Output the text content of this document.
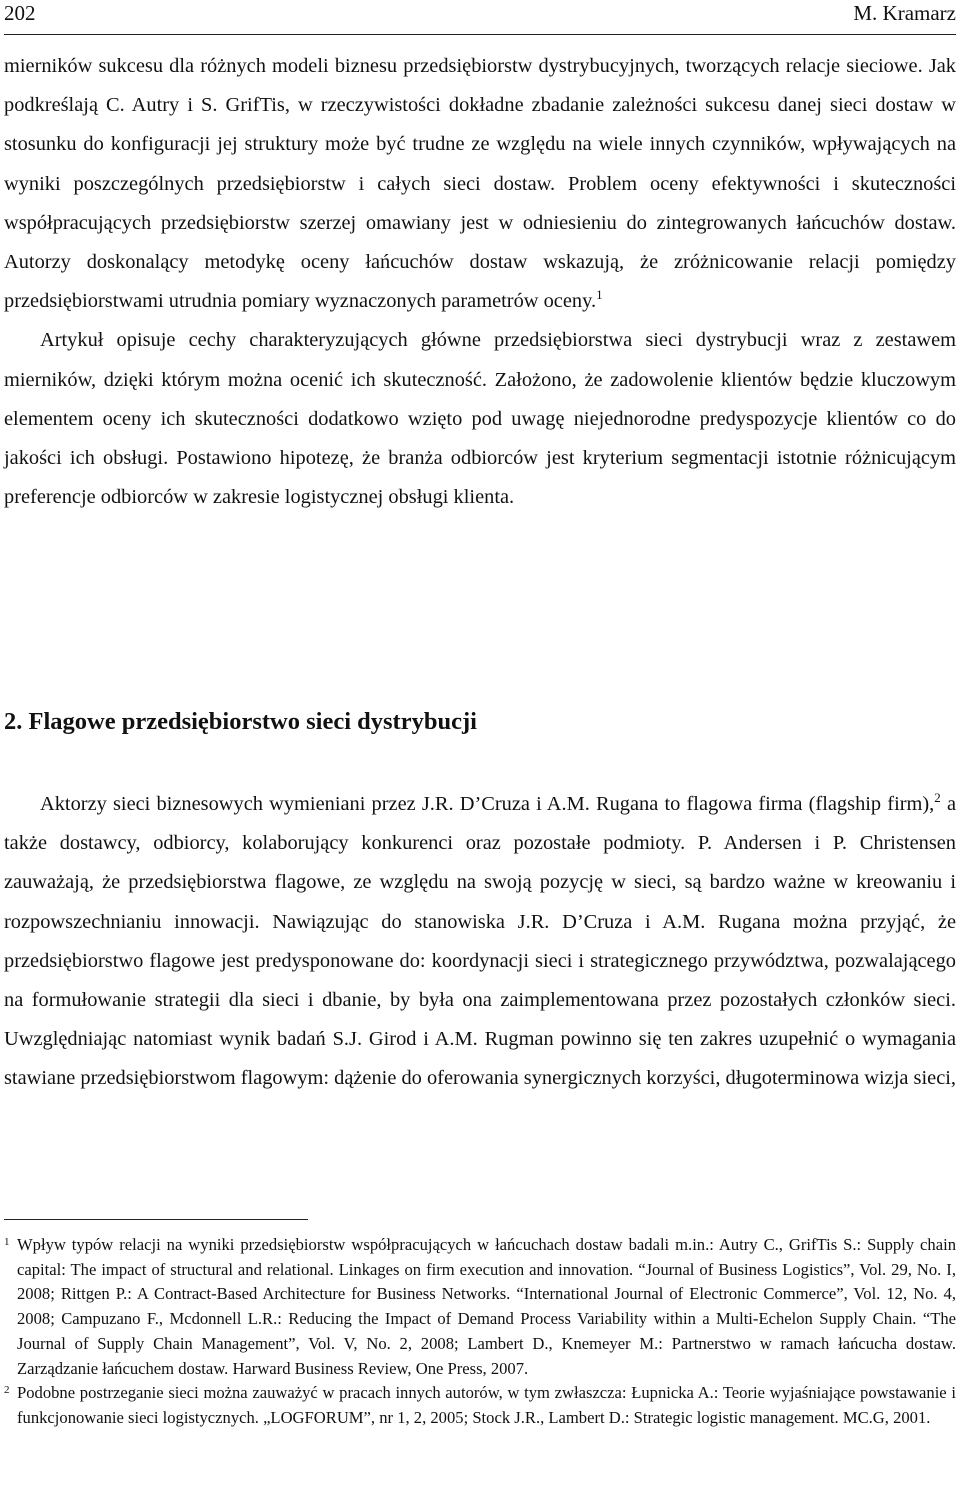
202	M. Kramarz

mierników sukcesu dla różnych modeli biznesu przedsiębiorstw dystrybucyjnych, tworzących relacje sieciowe. Jak podkreślają C. Autry i S. GrifTis, w rzeczywistości dokładne zbadanie zależności sukcesu danej sieci dostaw w stosunku do konfiguracji jej struktury może być trudne ze względu na wiele innych czynników, wpływających na wyniki poszczególnych przedsiębiorstw i całych sieci dostaw. Problem oceny efektywności i skuteczności współpracujących przedsiębiorstw szerzej omawiany jest w odniesieniu do zintegrowanych łańcuchów dostaw. Autorzy doskonalący metodykę oceny łańcuchów dostaw wskazują, że zróżnicowanie relacji pomiędzy przedsiębiorstwami utrudnia pomiary wyznaczonych parametrów oceny.$^1$

Artykuł opisuje cechy charakteryzujących główne przedsiębiorstwa sieci dystrybucji wraz z zestawem mierników, dzięki którym można ocenić ich skuteczność. Założono, że zadowolenie klientów będzie kluczowym elementem oceny ich skuteczności dodatkowo wzięto pod uwagę niejednorodne predyspozycje klientów co do jakości ich obsługi. Postawiono hipotezę, że branża odbiorców jest kryterium segmentacji istotnie różnicującym preferencje odbiorców w zakresie logistycznej obsługi klienta.

2. Flagowe przedsiębiorstwo sieci dystrybucji

Aktorzy sieci biznesowych wymieniani przez J.R. D’Cruza i A.M. Rugana to flagowa firma (flagship firm),$^2$ a także dostawcy, odbiorcy, kolaborujący konkurenci oraz pozostałe podmioty. P. Andersen i P. Christensen zauważają, że przedsiębiorstwa flagowe, ze względu na swoją pozycję w sieci, są bardzo ważne w kreowaniu i rozpowszechnianiu innowacji. Nawiązując do stanowiska J.R. D’Cruza i A.M. Rugana można przyjąć, że przedsiębiorstwo flagowe jest predysponowane do: koordynacji sieci i strategicznego przywództwa, pozwalającego na formułowanie strategii dla sieci i dbanie, by była ona zaimplementowana przez pozostałych członków sieci. Uwzględniając natomiast wynik badań S.J. Girod i A.M. Rugman powinno się ten zakres uzupełnić o wymagania stawiane przedsiębiorstwom flagowym: dążenie do oferowania synergicznych korzyści, długoterminowa wizja sieci,

1 Wpływ typów relacji na wyniki przedsiębiorstw współpracujących w łańcuchach dostaw badali m.in.: Autry C., GrifTis S.: Supply chain capital: The impact of structural and relational. Linkages on firm execution and innovation. “Journal of Business Logistics”, Vol. 29, No. I, 2008; Rittgen P.: A Contract-Based Architecture for Business Networks. “International Journal of Electronic Commerce”, Vol. 12, No. 4, 2008; Campuzano F., Mcdonnell L.R.: Reducing the Impact of Demand Process Variability within a Multi-Echelon Supply Chain. “The Journal of Supply Chain Management”, Vol. V, No. 2, 2008; Lambert D., Knemeyer M.: Partnerstwo w ramach łańcucha dostaw. Zarządzanie łańcuchem dostaw. Harward Business Review, One Press, 2007.
2 Podobne postrzeganie sieci można zauważyć w pracach innych autorów, w tym zwłaszcza: Łupnicka A.: Teorie wyjaśniające powstawanie i funkcjonowanie sieci logistycznych. „LOGFORUM”, nr 1, 2, 2005; Stock J.R., Lambert D.: Strategic logistic management. MC.G, 2001.
